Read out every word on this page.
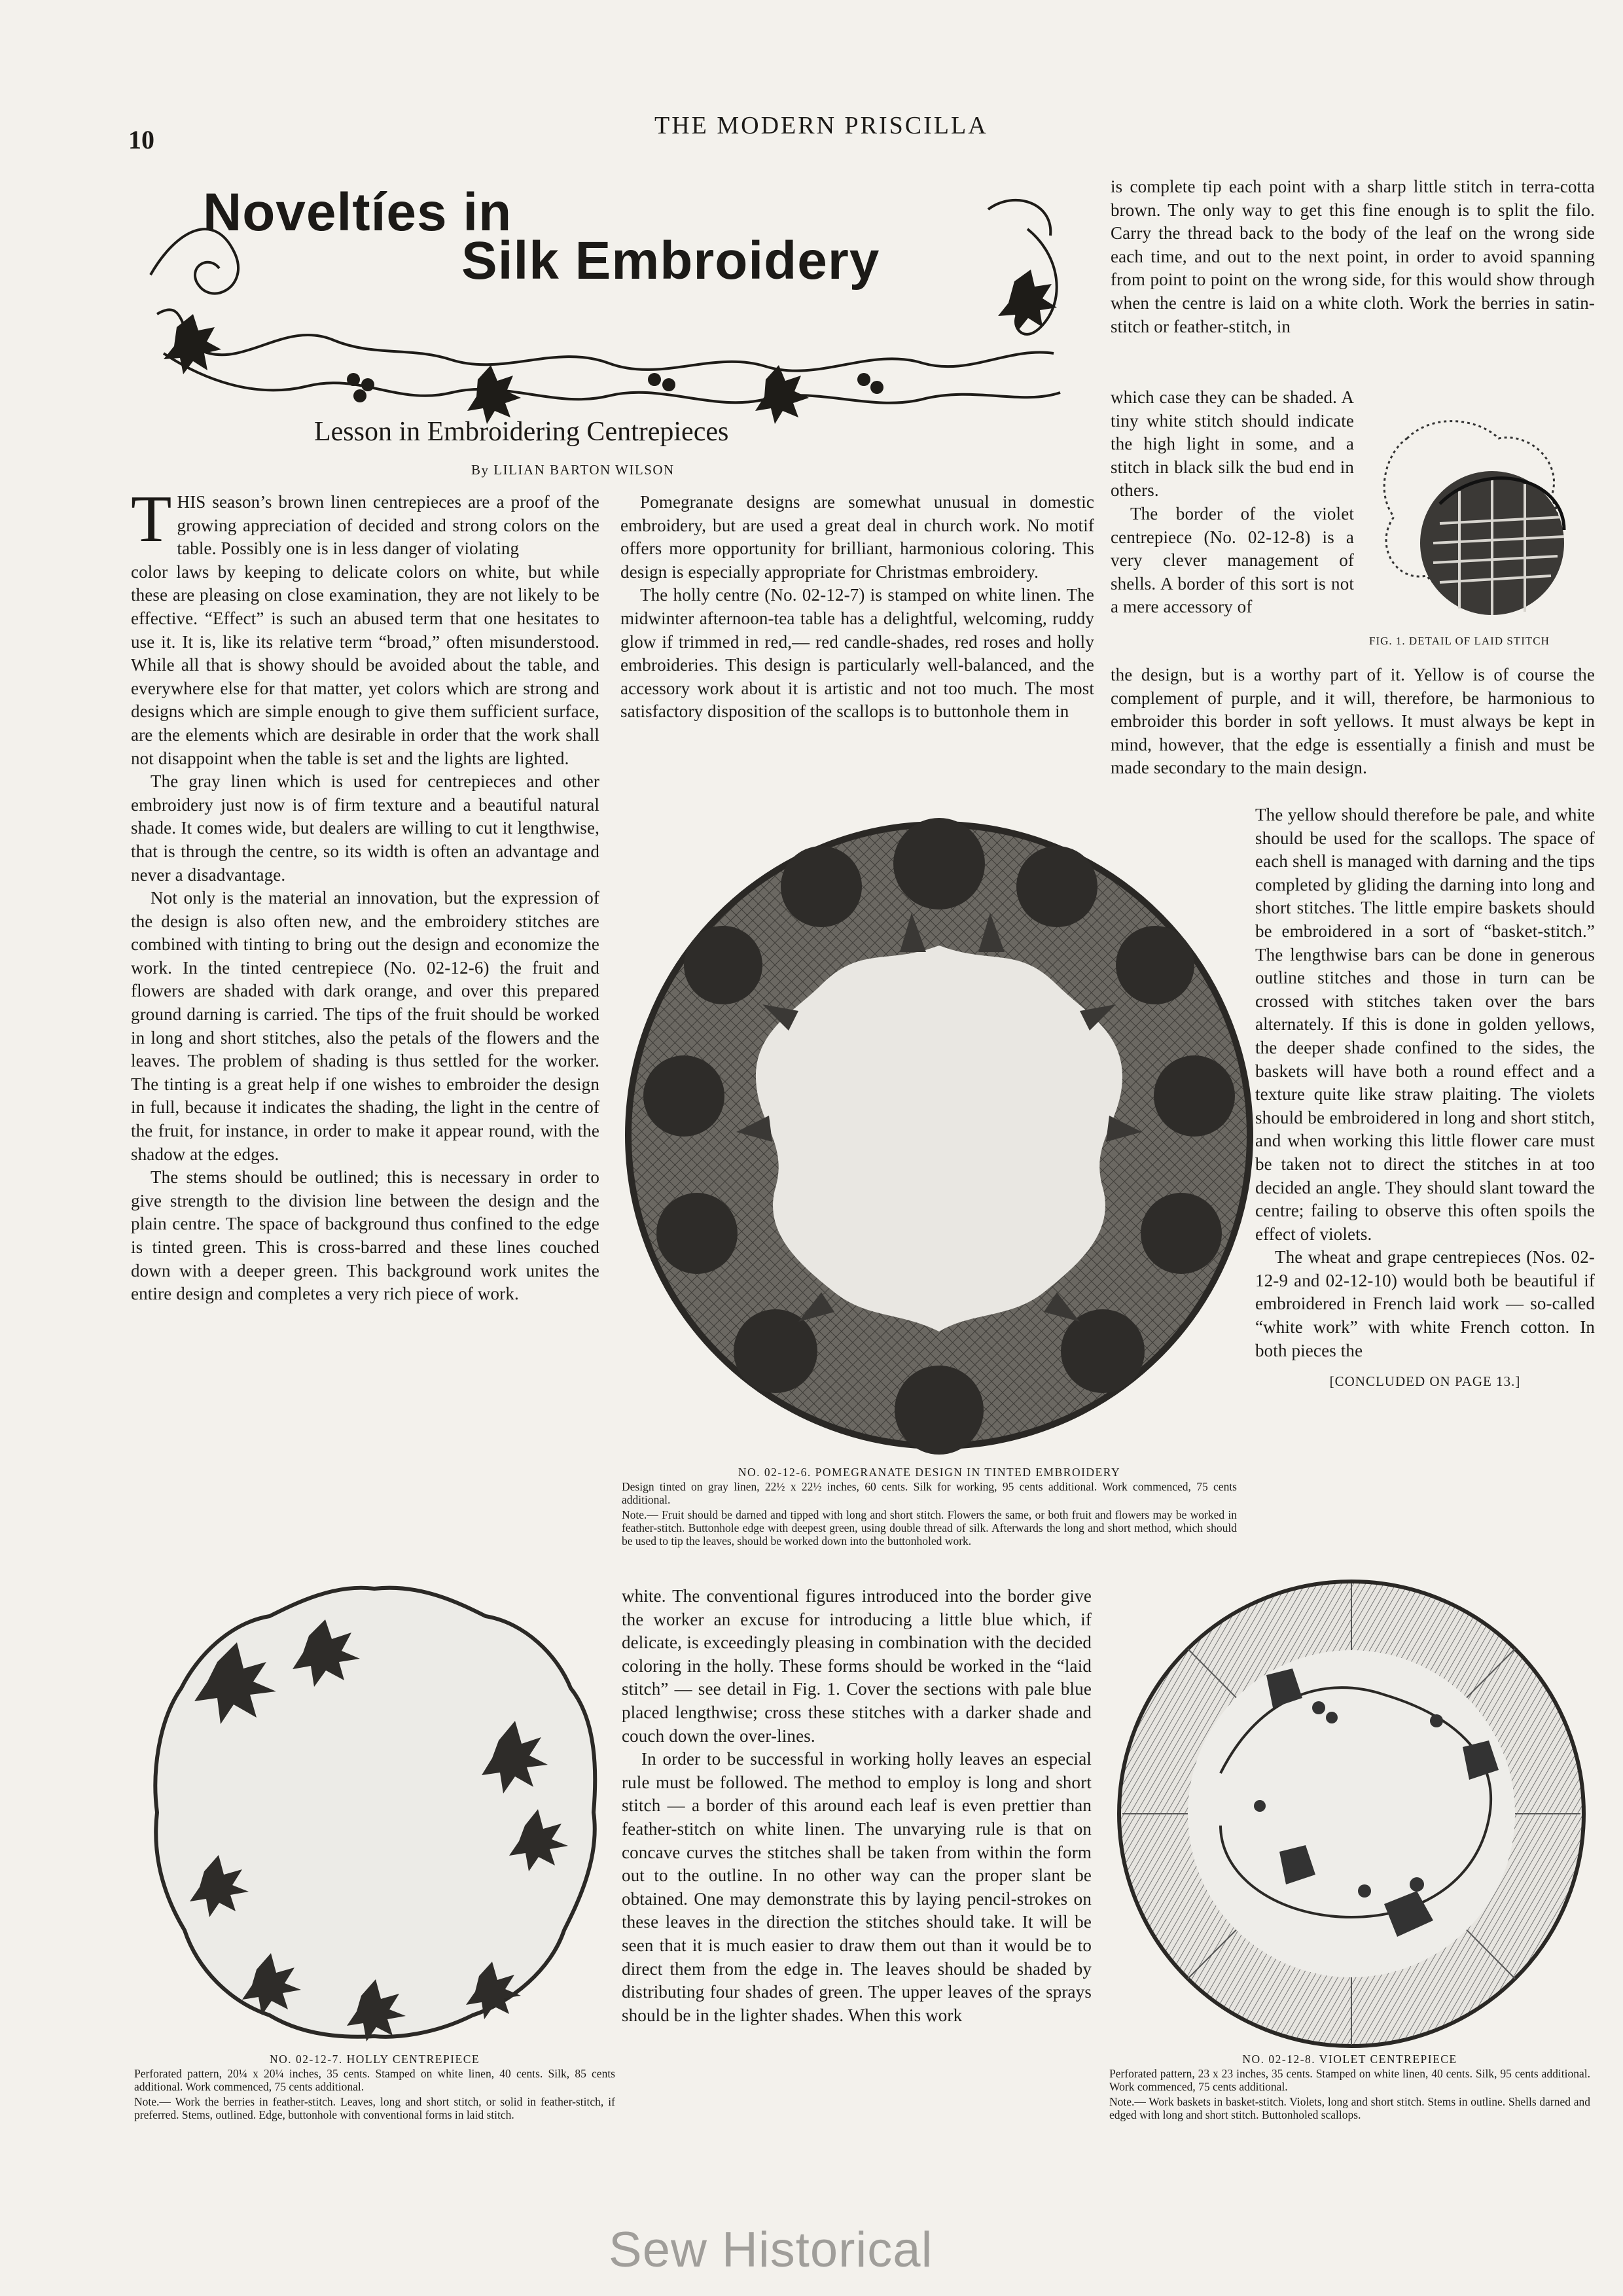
10	THE MODERN PRISCILLA
Noveltíes in
Silk Embroidery
Lesson in Embroidering Centrepieces
By LILIAN BARTON WILSON
T HIS season’s brown linen centrepieces are a proof of the growing appreciation of decided and strong colors on the table. Possibly one is in less danger of violating

color laws by keeping to delicate colors on white, but while these are pleasing on close examination, they are not likely to be effective. “Effect” is such an abused term that one hesitates to use it. It is, like its relative term “broad,” often misunderstood. While all that is showy should be avoided about the table, and everywhere else for that matter, yet colors which are strong and designs which are simple enough to give them sufficient surface, are the elements which are desirable in order that the work shall not disappoint when the table is set and the lights are lighted.

The gray linen which is used for centrepieces and other embroidery just now is of firm texture and a beautiful natural shade. It comes wide, but dealers are willing to cut it lengthwise, that is through the centre, so its width is often an advantage and never a disadvantage.

Not only is the material an innovation, but the expression of the design is also often new, and the embroidery stitches are combined with tinting to bring out the design and economize the work. In the tinted centrepiece (No. 02-12-6) the fruit and flowers are shaded with dark orange, and over this prepared ground darning is carried. The tips of the fruit should be worked in long and short stitches, also the petals of the flowers and the leaves. The problem of shading is thus settled for the worker. The tinting is a great help if one wishes to embroider the design in full, because it indicates the shading, the light in the centre of the fruit, for instance, in order to make it appear round, with the shadow at the edges.

The stems should be outlined; this is necessary in order to give strength to the division line between the design and the plain centre. The space of background thus confined to the edge is tinted green. This is cross-barred and these lines couched down with a deeper green. This background work unites the entire design and completes a very rich piece of work.

Pomegranate designs are somewhat unusual in domestic embroidery, but are used a great deal in church work. No motif offers more opportunity for brilliant, harmonious coloring. This design is especially appropriate for Christmas embroidery.

The holly centre (No. 02-12-7) is stamped on white linen. The midwinter afternoon-tea table has a delightful, welcoming, ruddy glow if trimmed in red,— red candle-shades, red roses and holly embroideries. This design is particularly well-balanced, and the accessory work about it is artistic and not too much. The most satisfactory disposition of the scallops is to buttonhole them in

NO. 02-12-6. POMEGRANATE DESIGN IN TINTED EMBROIDERY

Design tinted on gray linen, 22½ x 22½ inches, 60 cents. Silk for working, 95 cents additional. Work commenced, 75 cents additional.

Note.— Fruit should be darned and tipped with long and short stitch. Flowers the same, or both fruit and flowers may be worked in feather-stitch. Buttonhole edge with deepest green, using double thread of silk. Afterwards the long and short method, which should be used to tip the leaves, should be worked down into the buttonholed work.

white. The conventional figures introduced into the border give the worker an excuse for introducing a little blue which, if delicate, is exceedingly pleasing in combination with the decided coloring in the holly. These forms should be worked in the “laid stitch” — see detail in Fig. 1. Cover the sections with pale blue placed lengthwise; cross these stitches with a darker shade and couch down the over-lines.

In order to be successful in working holly leaves an especial rule must be followed. The method to employ is long and short stitch — a border of this around each leaf is even prettier than feather-stitch on white linen. The unvarying rule is that on concave curves the stitches shall be taken from within the form out to the outline. In no other way can the proper slant be obtained. One may demonstrate this by laying pencil-strokes on these leaves in the direction the stitches should take. It will be seen that it is much easier to draw them out than it would be to direct them from the edge in. The leaves should be shaded by distributing four shades of green. The upper leaves of the sprays should be in the lighter shades. When this work

is complete tip each point with a sharp little stitch in terra-cotta brown. The only way to get this fine enough is to split the filo. Carry the thread back to the body of the leaf on the wrong side each time, and out to the next point, in order to avoid spanning from point to point on the wrong side, for this would show through when the centre is laid on a white cloth. Work the berries in satin-stitch or feather-stitch, in

which case they can be shaded. A tiny white stitch should indicate the high light in some, and a stitch in black silk the bud end in others.

The border of the violet centrepiece (No. 02-12-8) is a very clever management of shells. A border of this sort is not a mere accessory of

FIG. 1. DETAIL OF LAID STITCH

the design, but is a worthy part of it. Yellow is of course the complement of purple, and it will, therefore, be harmonious to embroider this border in soft yellows. It must always be kept in mind, however, that the edge is essentially a finish and must be made secondary to the main design.

The yellow should therefore be pale, and white should be used for the scallops. The space of each shell is managed with darning and the tips completed by gliding the darning into long and short stitches. The little empire baskets should be embroidered in a sort of “basket-stitch.” The lengthwise bars can be done in generous outline stitches and those in turn can be crossed with stitches taken over the bars alternately. If this is done in golden yellows, the deeper shade confined to the sides, the baskets will have both a round effect and a texture quite like straw plaiting. The violets should be embroidered in long and short stitch, and when working this little flower care must be taken not to direct the stitches in at too decided an angle. They should slant toward the centre; failing to observe this often spoils the effect of violets.

The wheat and grape centrepieces (Nos. 02-12-9 and 02-12-10) would both be beautiful if embroidered in French laid work — so-called “white work” with white French cotton. In both pieces the

[CONCLUDED ON PAGE 13.]
NO. 02-12-7. HOLLY CENTREPIECE

Perforated pattern, 20¼ x 20¼ inches, 35 cents. Stamped on white linen, 40 cents. Silk, 85 cents additional. Work commenced, 75 cents additional.

Note.— Work the berries in feather-stitch. Leaves, long and short stitch, or solid in feather-stitch, if preferred. Stems, outlined. Edge, buttonhole with conventional forms in laid stitch.

NO. 02-12-8. VIOLET CENTREPIECE

Perforated pattern, 23 x 23 inches, 35 cents. Stamped on white linen, 40 cents. Silk, 95 cents additional. Work commenced, 75 cents additional.

Note.— Work baskets in basket-stitch. Violets, long and short stitch. Stems in outline. Shells darned and edged with long and short stitch. Buttonholed scallops.

Sew Historical
